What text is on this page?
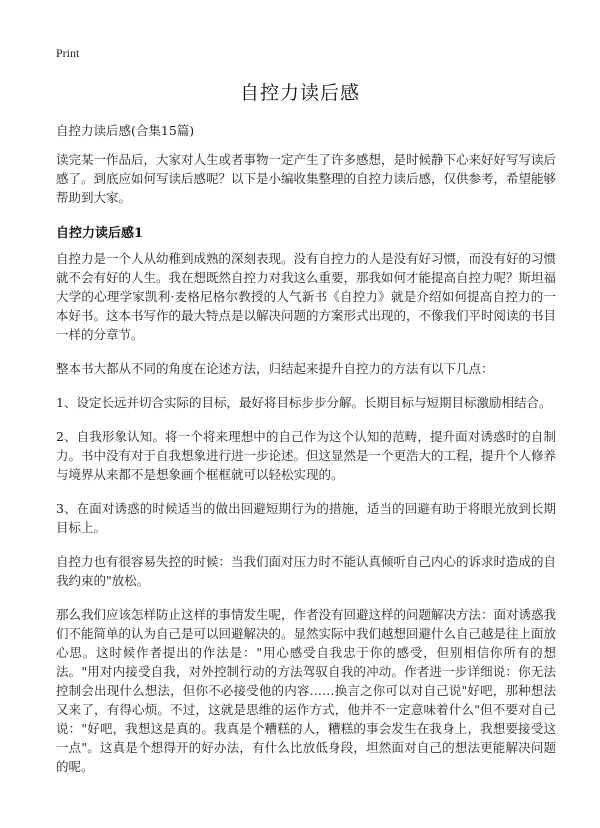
Print
自控力读后感

自控力读后感(合集15篇)

读完某一作品后，大家对人生或者事物一定产生了许多感想，是时候静下心来好好写写读后感了。到底应如何写读后感呢？以下是小编收集整理的自控力读后感，仅供参考，希望能够帮助到大家。

自控力读后感1

自控力是一个人从幼稚到成熟的深刻表现。没有自控力的人是没有好习惯，而没有好的习惯就不会有好的人生。我在想既然自控力对我这么重要，那我如何才能提高自控力呢？斯坦福大学的心理学家凯利·麦格尼格尔教授的人气新书《自控力》就是介绍如何提高自控力的一本好书。这本书写作的最大特点是以解决问题的方案形式出现的，不像我们平时阅读的书目一样的分章节。

整本书大都从不同的角度在论述方法，归结起来提升自控力的方法有以下几点：

1、设定长远并切合实际的目标，最好将目标步步分解。长期目标与短期目标激励相结合。

2、自我形象认知。将一个将来理想中的自己作为这个认知的范畴，提升面对诱惑时的自制力。书中没有对于自我想象进行进一步论述。但这显然是一个更浩大的工程，提升个人修养与境界从来都不是想象画个框框就可以轻松实现的。

3、在面对诱惑的时候适当的做出回避短期行为的措施，适当的回避有助于将眼光放到长期目标上。

自控力也有很容易失控的时候：当我们面对压力时不能认真倾听自己内心的诉求时造成的自我约束的"放松。

那么我们应该怎样防止这样的事情发生呢，作者没有回避这样的问题解决方法：面对诱惑我们不能简单的认为自己是可以回避解决的。显然实际中我们越想回避什么自己越是往上面放心思。这时候作者提出的作法是："用心感受自我忠于你的感受，但别相信你所有的想法。"用对内接受自我，对外控制行动的方法驾驭自我的冲动。作者进一步详细说：你无法控制会出现什么想法，但你不必接受他的内容……换言之你可以对自己说"好吧，那种想法又来了，有得心烦。不过，这就是思维的运作方式，他并不一定意味着什么"但不要对自己说："好吧，我想这是真的。我真是个糟糕的人，糟糕的事会发生在我身上，我想要接受这一点"。这真是个想得开的好办法，有什么比放低身段，坦然面对自己的想法更能解决问题的呢。
